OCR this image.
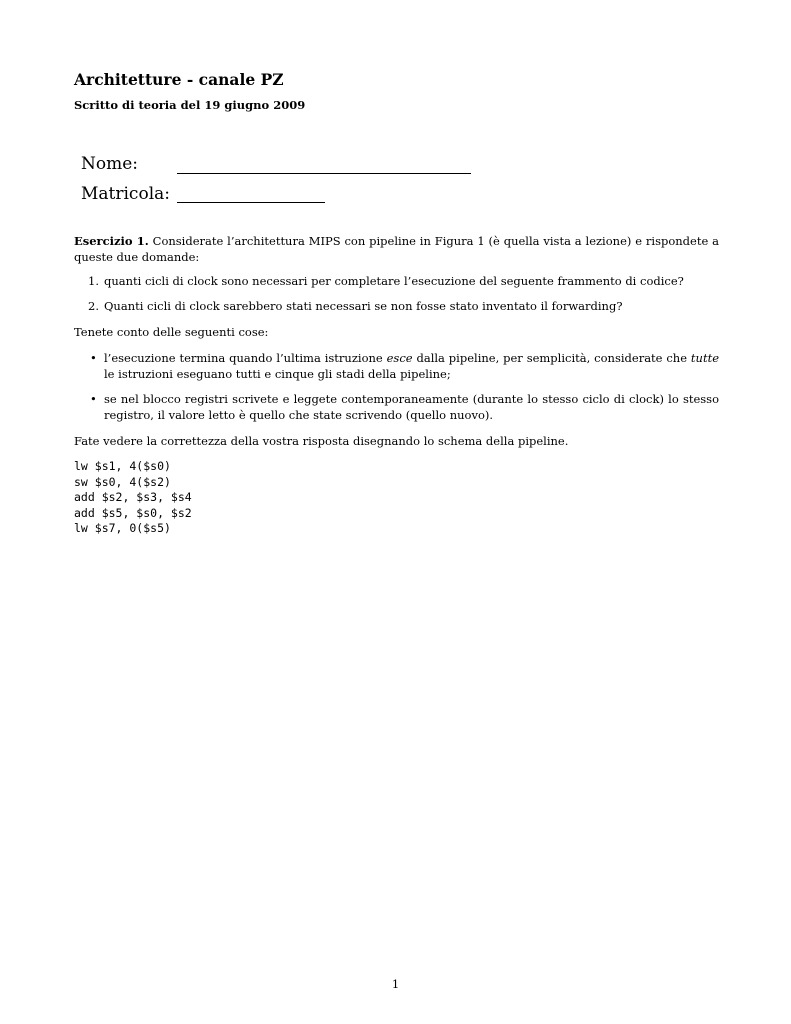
Architetture - canale PZ
Scritto di teoria del 19 giugno 2009
Nome:
Matricola:
Esercizio 1. Considerate l’architettura MIPS con pipeline in Figura 1 (è quella vista a lezione) e rispondete a queste due domande:
1. quanti cicli di clock sono necessari per completare l’esecuzione del seguente frammento di codice?
2. Quanti cicli di clock sarebbero stati necessari se non fosse stato inventato il forwarding?
Tenete conto delle seguenti cose:
• l’esecuzione termina quando l’ultima istruzione esce dalla pipeline, per semplicità, considerate che tutte le istruzioni eseguano tutti e cinque gli stadi della pipeline;
• se nel blocco registri scrivete e leggete contemporaneamente (durante lo stesso ciclo di clock) lo stesso registro, il valore letto è quello che state scrivendo (quello nuovo).
Fate vedere la correttezza della vostra risposta disegnando lo schema della pipeline.
lw $s1, 4($s0)
sw $s0, 4($s2)
add $s2, $s3, $s4
add $s5, $s0, $s2
lw $s7, 0($s5)
1
